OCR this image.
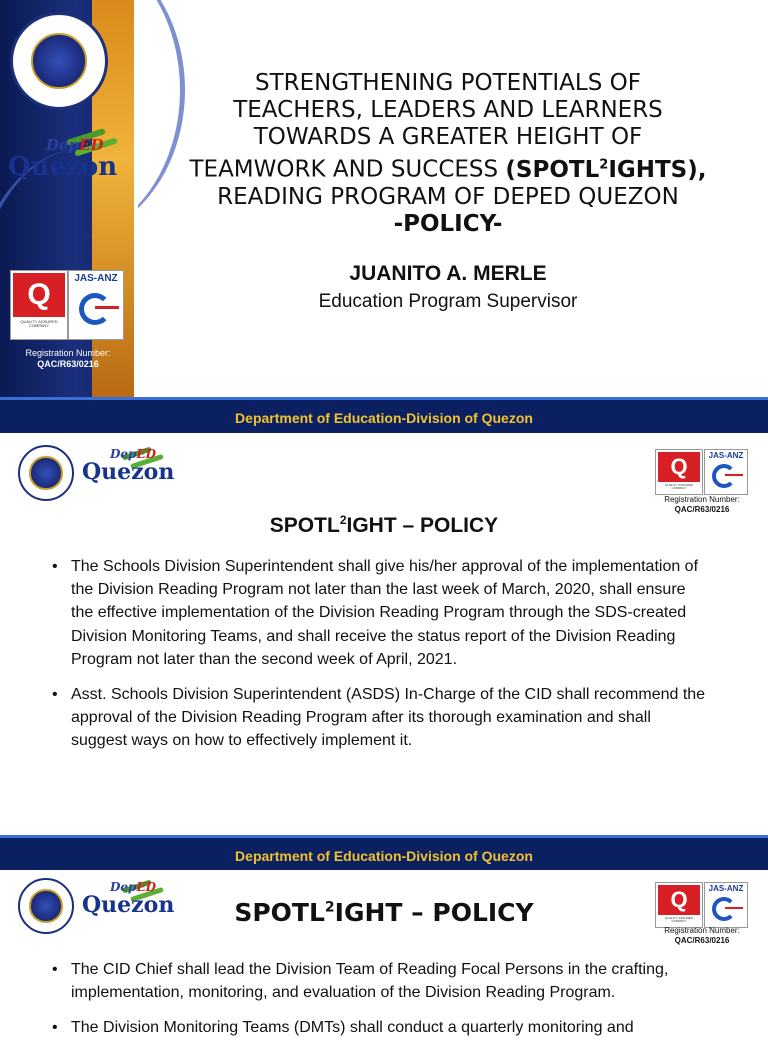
DepED
Quezon
Q
QUALITY ASSURED COMPANY
JAS-ANZ
Registration Number:
QAC/R63/0216
STRENGTHENING POTENTIALS OF
TEACHERS, LEADERS AND LEARNERS
TOWARDS A GREATER HEIGHT OF
TEAMWORK AND SUCCESS (SPOTL$^2$IGHTS),
READING PROGRAM OF DEPED QUEZON
-POLICY-
JUANITO A. MERLE
Education Program Supervisor
Department of Education-Division of Quezon
DepED
Quezon	Q
QUALITY ASSURED COMPANY
JAS-ANZ
Registration Number:
QAC/R63/0216
SPOTL$^2$IGHT – POLICY
• The Schools Division Superintendent shall give his/her approval of the implementation of the Division Reading Program not later than the last week of March, 2020, shall ensure the effective implementation of the Division Reading Program through the SDS-created Division Monitoring Teams, and shall receive the status report of the Division Reading Program not later than the second week of April, 2021.
• Asst. Schools Division Superintendent (ASDS) In-Charge of the CID shall recommend the approval of the Division Reading Program after its thorough examination and shall suggest ways on how to effectively implement it.
Department of Education-Division of Quezon
DepED
Quezon	Q
QUALITY ASSURED COMPANY
JAS-ANZ
Registration Number:
QAC/R63/0216
SPOTL$^2$IGHT – POLICY
• The CID Chief shall lead the Division Team of Reading Focal Persons in the crafting, implementation, monitoring, and evaluation of the Division Reading Program.
• The Division Monitoring Teams (DMTs) shall conduct a quarterly monitoring and
